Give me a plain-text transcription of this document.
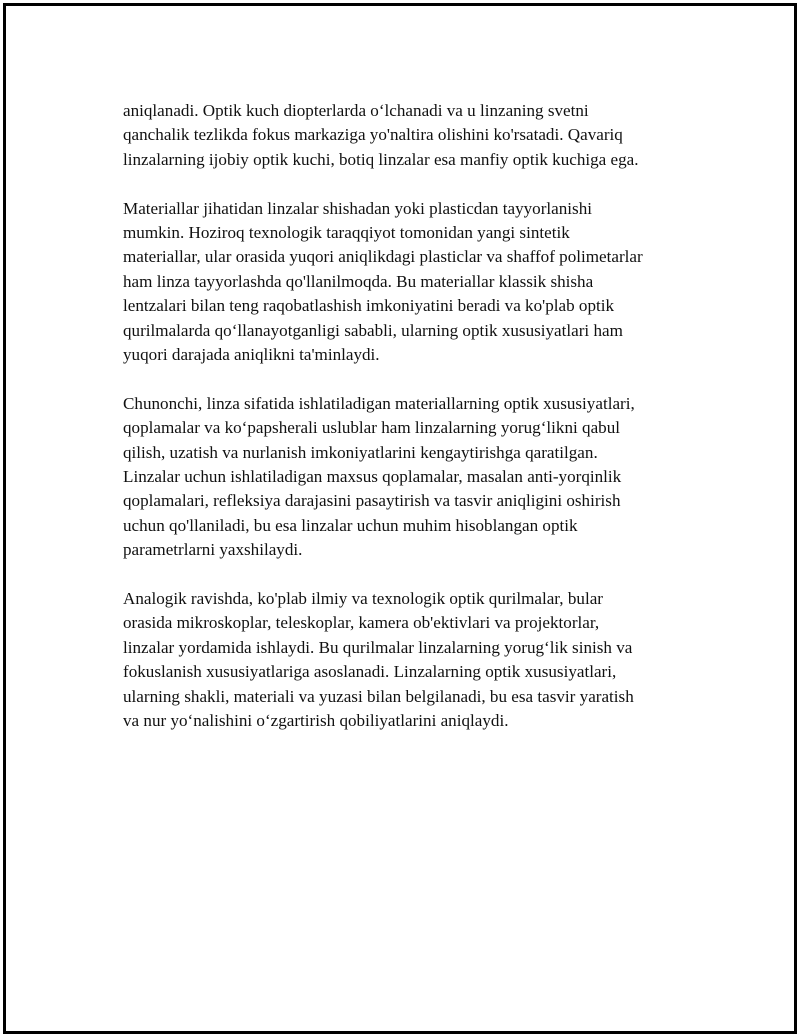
aniqlanadi. Optik kuch diopterlarda oʻlchanadi va u linzaning svetni
qanchalik tezlikda fokus markaziga yo'naltira olishini ko'rsatadi. Qavariq
linzalarning ijobiy optik kuchi, botiq linzalar esa manfiy optik kuchiga ega.

Materiallar jihatidan linzalar shishadan yoki plasticdan tayyorlanishi
mumkin. Hoziroq texnologik taraqqiyot tomonidan yangi sintetik
materiallar, ular orasida yuqori aniqlikdagi plasticlar va shaffof polimetarlar
ham linza tayyorlashda qo'llanilmoqda. Bu materiallar klassik shisha
lentzalari bilan teng raqobatlashish imkoniyatini beradi va ko'plab optik
qurilmalarda qoʻllanayotganligi sababli, ularning optik xususiyatlari ham
yuqori darajada aniqlikni ta'minlaydi.

Chunonchi, linza sifatida ishlatiladigan materiallarning optik xususiyatlari,
qoplamalar va koʻpapsherali uslublar ham linzalarning yorugʻlikni qabul
qilish, uzatish va nurlanish imkoniyatlarini kengaytirishga qaratilgan.
Linzalar uchun ishlatiladigan maxsus qoplamalar, masalan anti-yorqinlik
qoplamalari, refleksiya darajasini pasaytirish va tasvir aniqligini oshirish
uchun qo'llaniladi, bu esa linzalar uchun muhim hisoblangan optik
parametrlarni yaxshilaydi.

Analogik ravishda, ko'plab ilmiy va texnologik optik qurilmalar, bular
orasida mikroskoplar, teleskoplar, kamera ob'ektivlari va projektorlar,
linzalar yordamida ishlaydi. Bu qurilmalar linzalarning yorugʻlik sinish va
fokuslanish xususiyatlariga asoslanadi. Linzalarning optik xususiyatlari,
ularning shakli, materiali va yuzasi bilan belgilanadi, bu esa tasvir yaratish
va nur yoʻnalishini oʻzgartirish qobiliyatlarini aniqlaydi.
